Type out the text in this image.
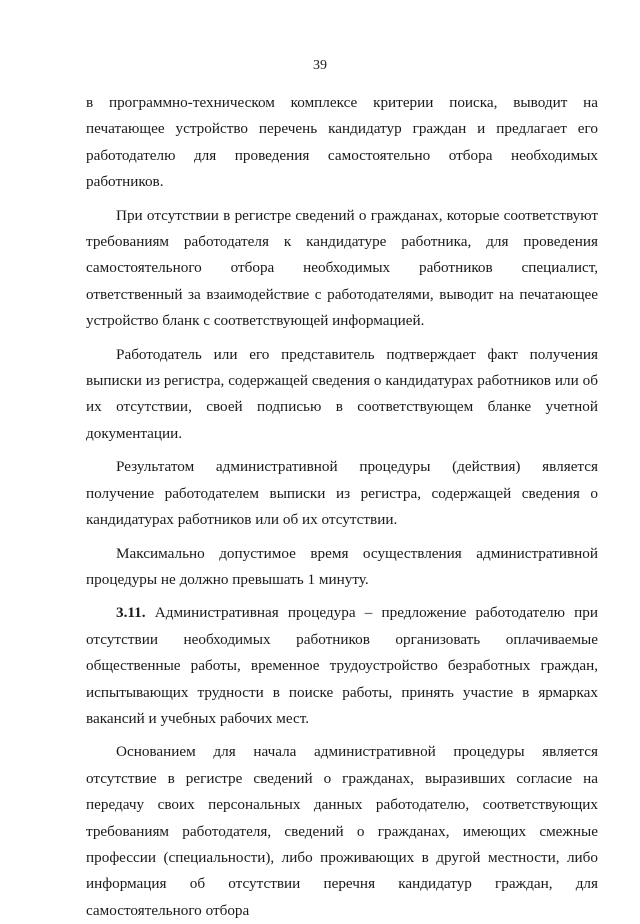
39

в программно-техническом комплексе критерии поиска, выводит на печатающее устройство перечень кандидатур граждан и предлагает его работодателю для проведения самостоятельно отбора необходимых работников.

При отсутствии в регистре сведений о гражданах, которые соответствуют требованиям работодателя к кандидатуре работника, для проведения самостоятельного отбора необходимых работников специалист, ответственный за взаимодействие с работодателями, выводит на печатающее устройство бланк с соответствующей информацией.

Работодатель или его представитель подтверждает факт получения выписки из регистра, содержащей сведения о кандидатурах работников или об их отсутствии, своей подписью в соответствующем бланке учетной документации.

Результатом административной процедуры (действия) является получение работодателем выписки из регистра, содержащей сведения о кандидатурах работников или об их отсутствии.

Максимально допустимое время осуществления административной процедуры не должно превышать 1 минуту.

3.11. Административная процедура – предложение работодателю при отсутствии необходимых работников организовать оплачиваемые общественные работы, временное трудоустройство безработных граждан, испытывающих трудности в поиске работы, принять участие в ярмарках вакансий и учебных рабочих мест.

Основанием для начала административной процедуры является отсутствие в регистре сведений о гражданах, выразивших согласие на передачу своих персональных данных работодателю, соответствующих требованиям работодателя, сведений о гражданах, имеющих смежные профессии (специальности), либо проживающих в другой местности, либо информация об отсутствии перечня кандидатур граждан, для самостоятельного отбора
